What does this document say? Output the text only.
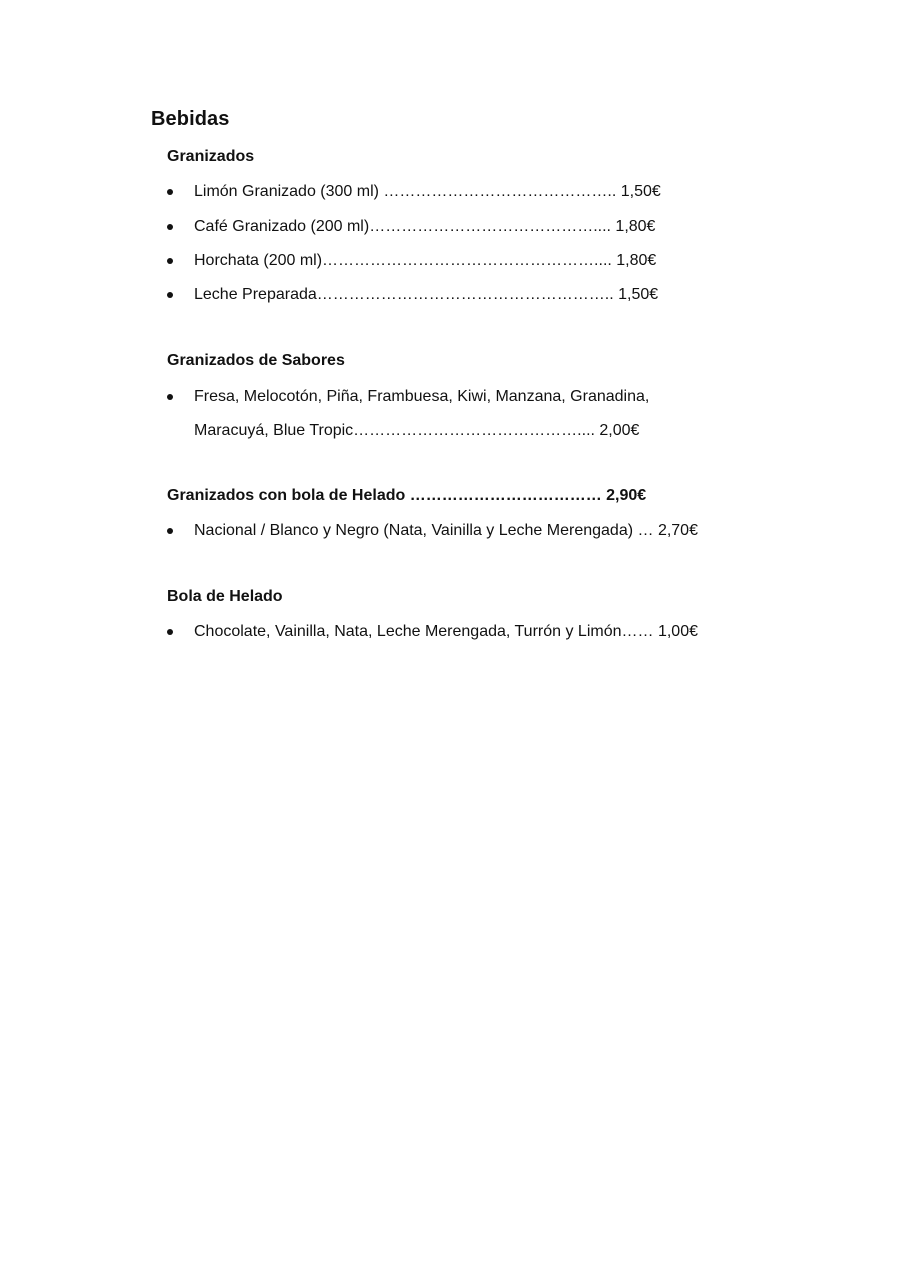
Bebidas
Granizados
Limón Granizado (300 ml) …………………………………….. 1,50€
Café Granizado (200 ml)…………………………………….... 1,80€
Horchata (200 ml)…………………………………………….... 1,80€
Leche Preparada……………………………………………….. 1,50€
Granizados de Sabores
Fresa, Melocotón, Piña, Frambuesa, Kiwi, Manzana, Granadina,
Maracuyá, Blue Tropic…………………………………….... 2,00€
Granizados con bola de Helado ……………………………… 2,90€
Nacional / Blanco y Negro (Nata, Vainilla y Leche Merengada) … 2,70€
Bola de Helado
Chocolate, Vainilla, Nata, Leche Merengada, Turrón y Limón…… 1,00€
